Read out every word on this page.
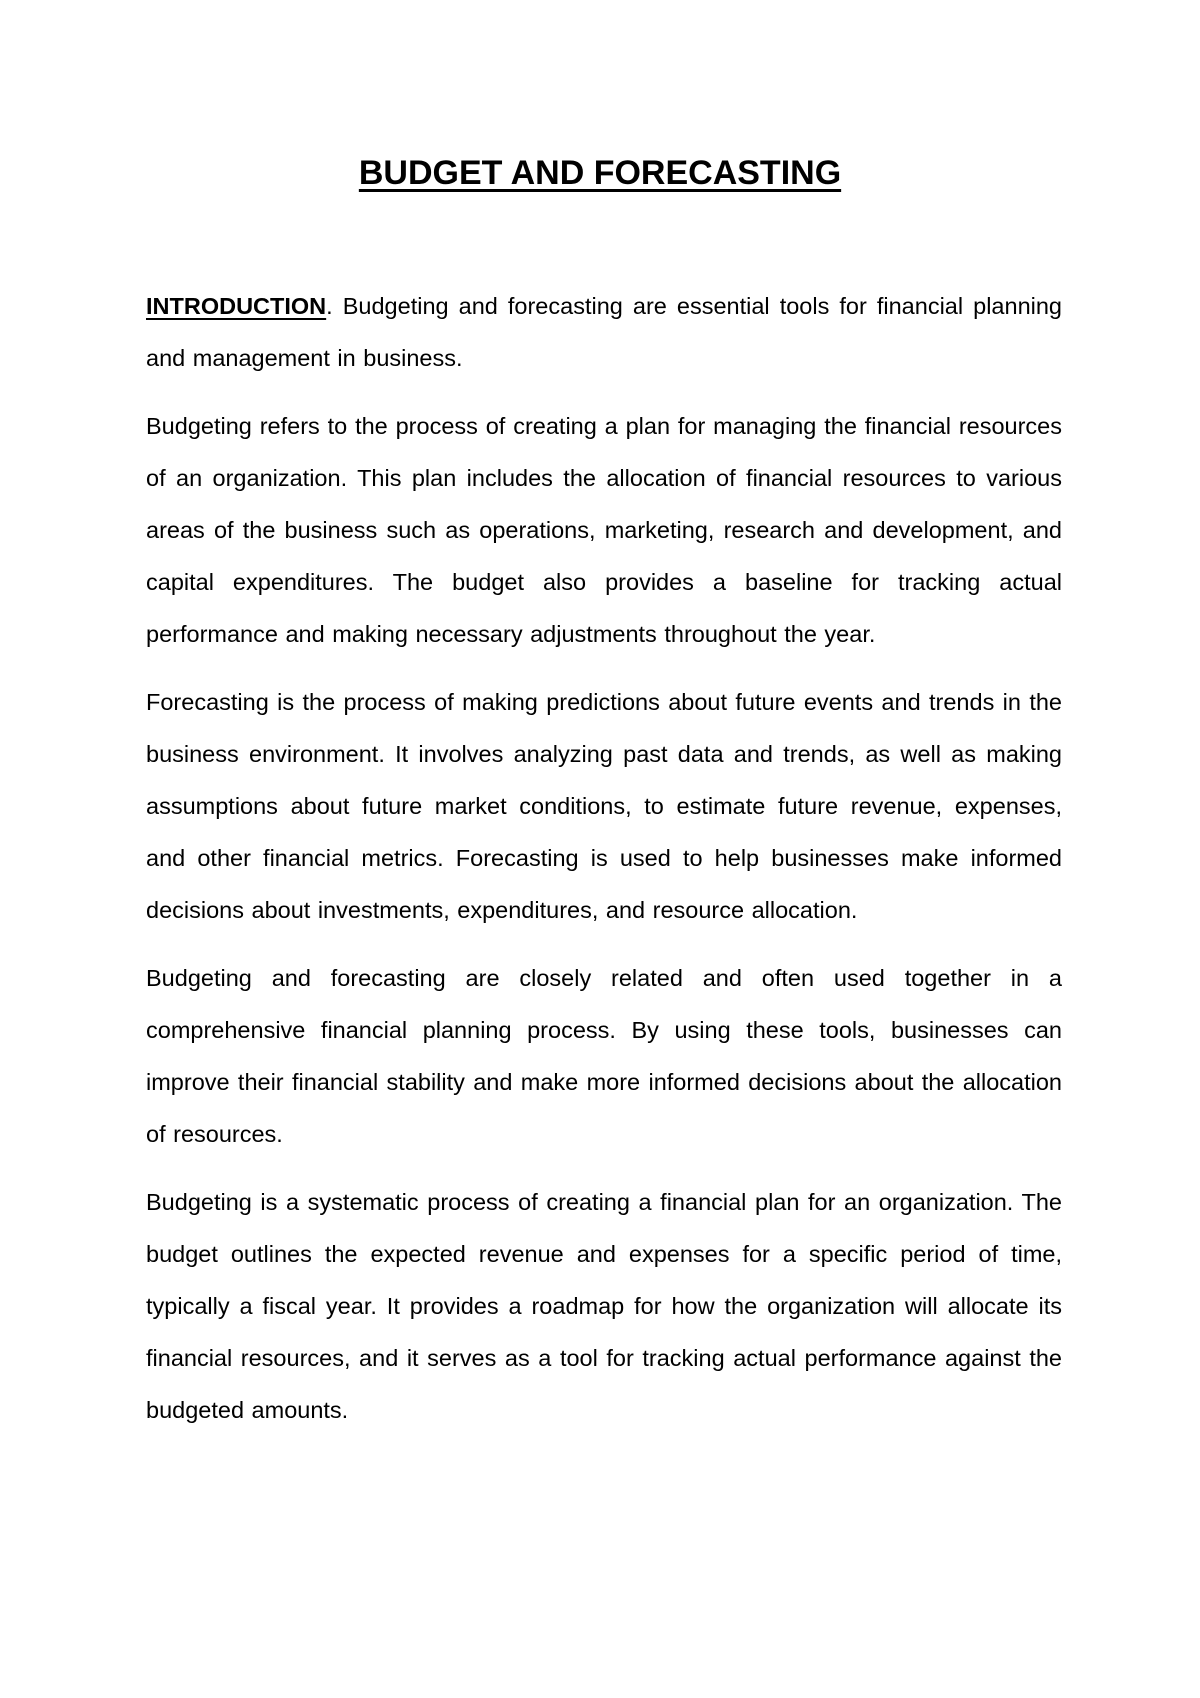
BUDGET AND FORECASTING

INTRODUCTION. Budgeting and forecasting are essential tools for financial planning and management in business.

Budgeting refers to the process of creating a plan for managing the financial resources of an organization. This plan includes the allocation of financial resources to various areas of the business such as operations, marketing, research and development, and capital expenditures. The budget also provides a baseline for tracking actual performance and making necessary adjustments throughout the year.

Forecasting is the process of making predictions about future events and trends in the business environment. It involves analyzing past data and trends, as well as making assumptions about future market conditions, to estimate future revenue, expenses, and other financial metrics. Forecasting is used to help businesses make informed decisions about investments, expenditures, and resource allocation.

Budgeting and forecasting are closely related and often used together in a comprehensive financial planning process. By using these tools, businesses can improve their financial stability and make more informed decisions about the allocation of resources.

Budgeting is a systematic process of creating a financial plan for an organization. The budget outlines the expected revenue and expenses for a specific period of time, typically a fiscal year. It provides a roadmap for how the organization will allocate its financial resources, and it serves as a tool for tracking actual performance against the budgeted amounts.
